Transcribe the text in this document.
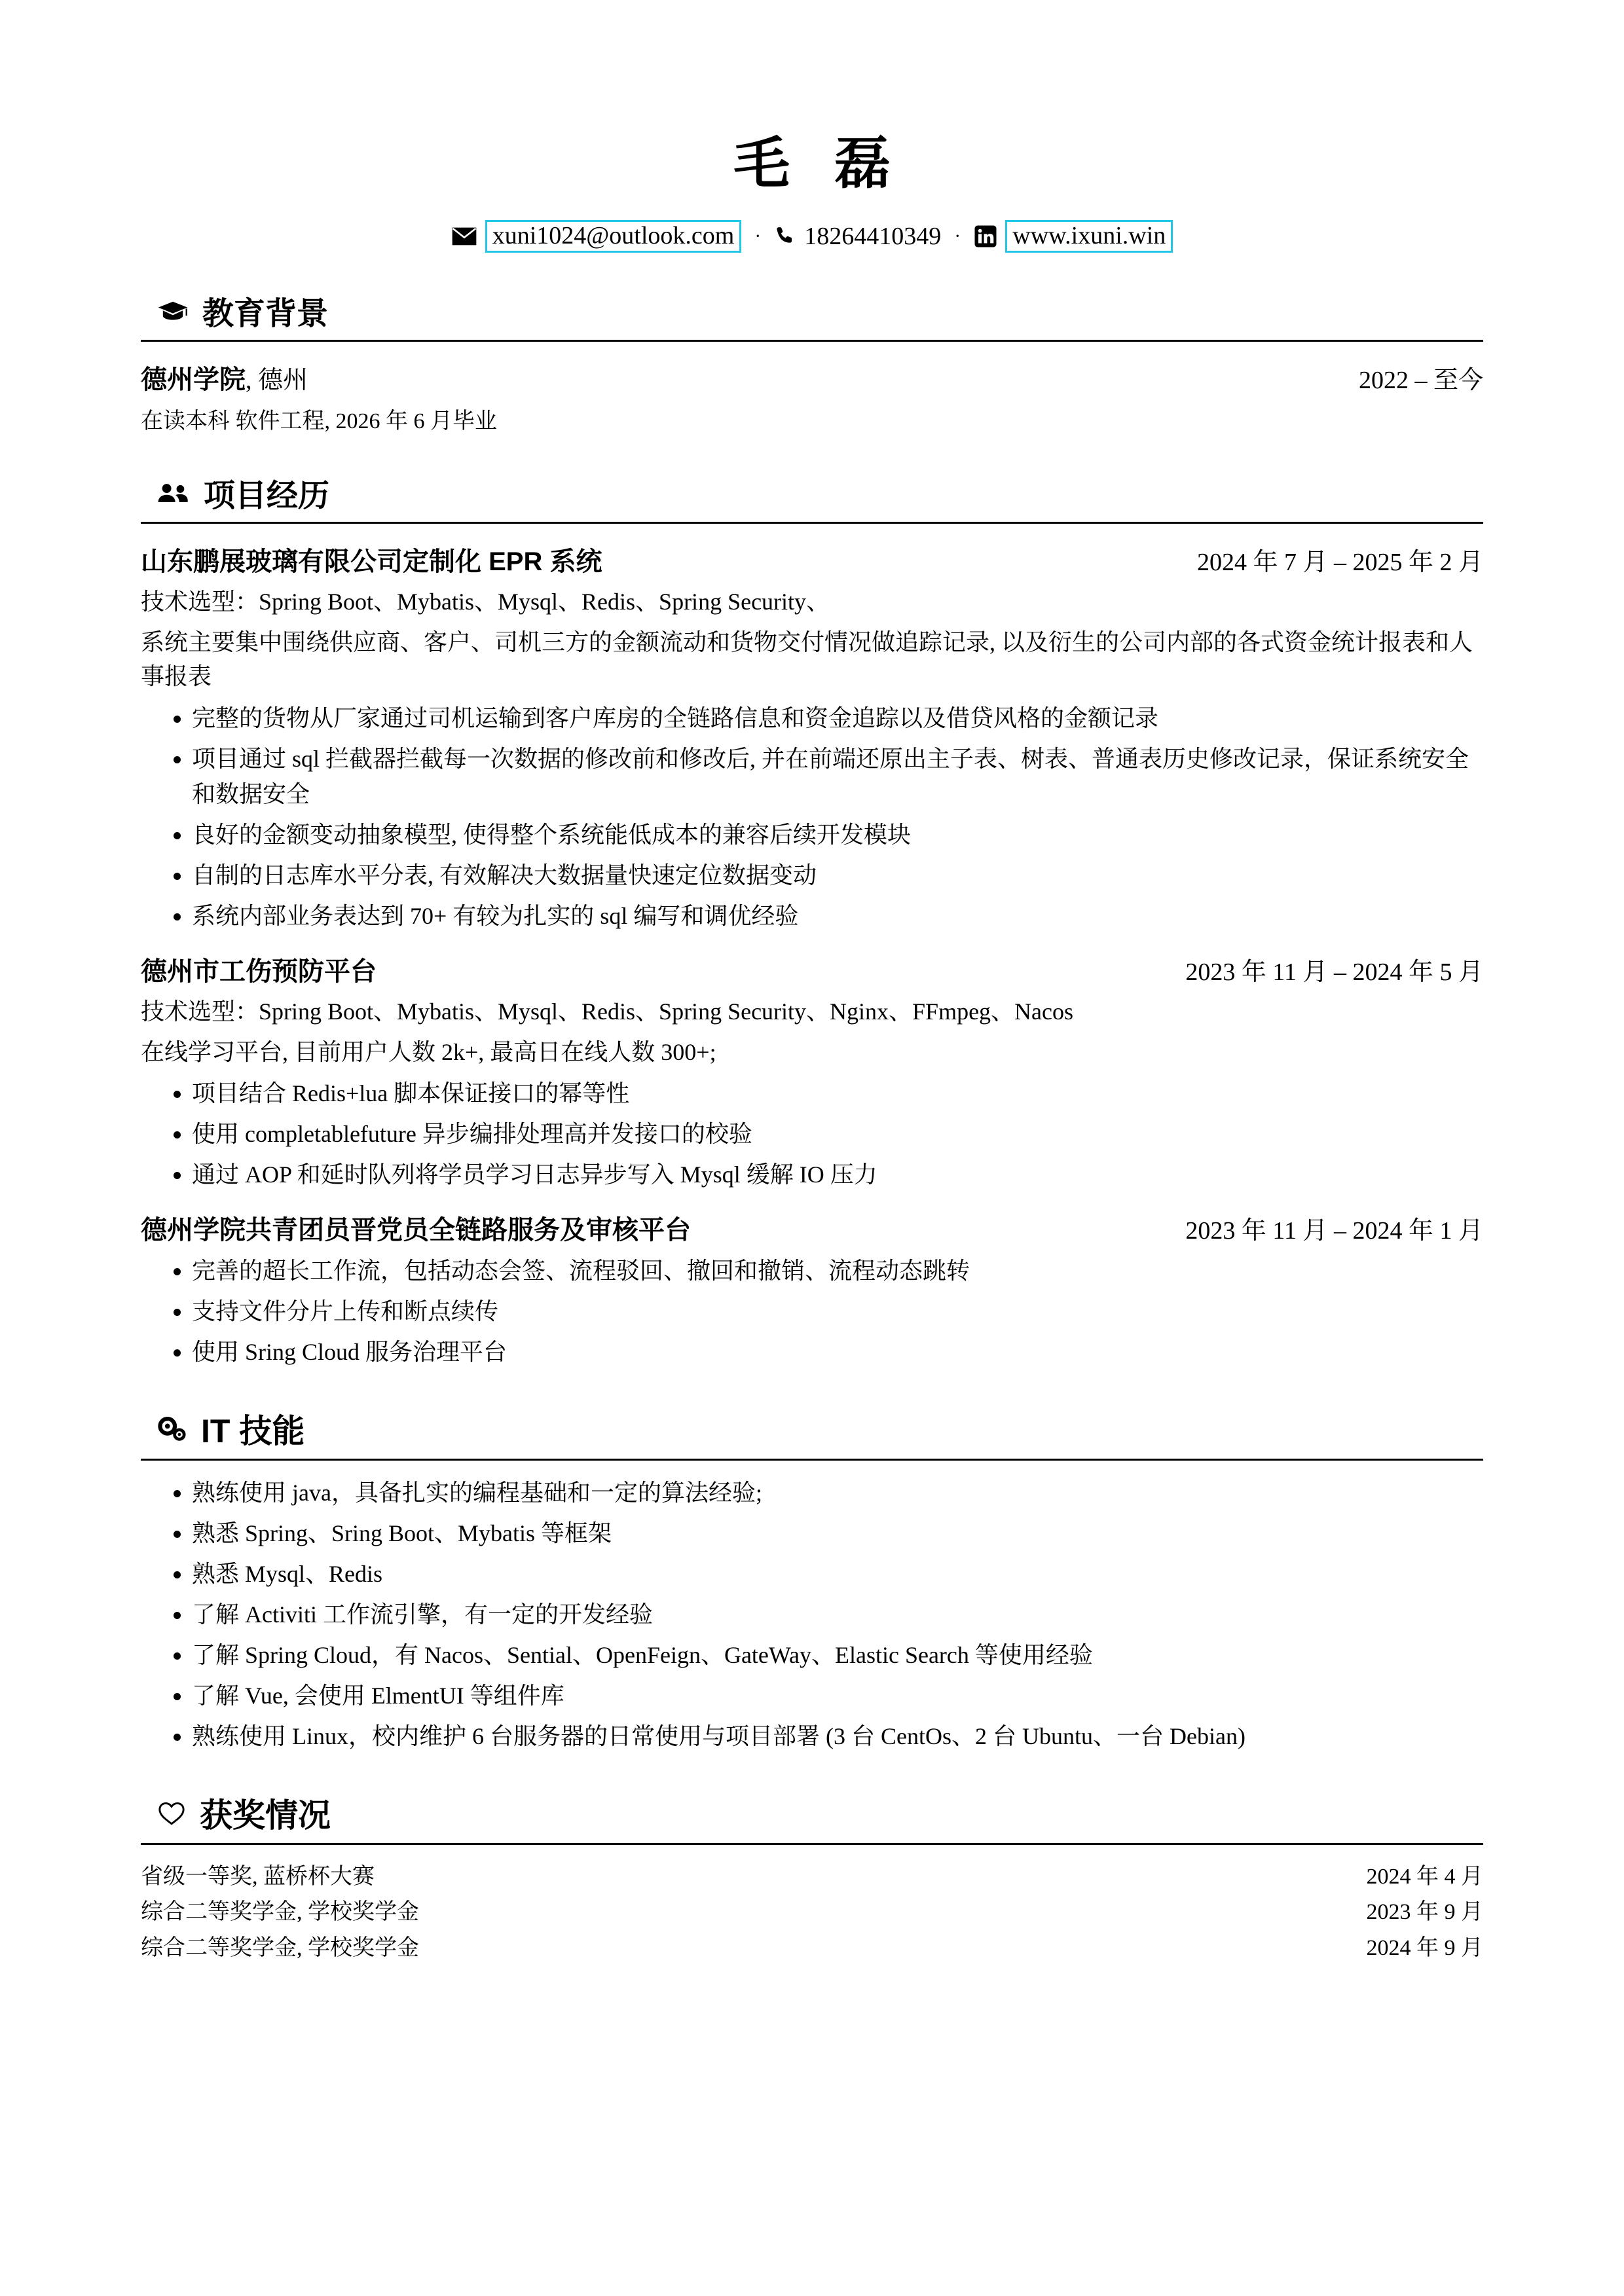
毛 磊
xuni1024@outlook.com	·	18264410349 ·	www.ixuni.win
教育背景
德州学院, 德州	2022 – 至今
在读本科 软件工程, 2026 年 6 月毕业
项目经历
山东鹏展玻璃有限公司定制化 EPR 系统	2024 年 7 月 – 2025 年 2 月
技术选型：Spring Boot、Mybatis、Mysql、Redis、Spring Security、
系统主要集中围绕供应商、客户、司机三方的金额流动和货物交付情况做追踪记录, 以及衍生的公司内部的各式资金统计报表和人事报表
• 完整的货物从厂家通过司机运输到客户库房的全链路信息和资金追踪以及借贷风格的金额记录
• 项目通过 sql 拦截器拦截每一次数据的修改前和修改后, 并在前端还原出主子表、树表、普通表历史修改记录，保证系统安全和数据安全
• 良好的金额变动抽象模型, 使得整个系统能低成本的兼容后续开发模块
• 自制的日志库水平分表, 有效解决大数据量快速定位数据变动
• 系统内部业务表达到 70+ 有较为扎实的 sql 编写和调优经验
德州市工伤预防平台	2023 年 11 月 – 2024 年 5 月
技术选型：Spring Boot、Mybatis、Mysql、Redis、Spring Security、Nginx、FFmpeg、Nacos
在线学习平台, 目前用户人数 2k+, 最高日在线人数 300+;
• 项目结合 Redis+lua 脚本保证接口的幂等性
• 使用 completablefuture 异步编排处理高并发接口的校验
• 通过 AOP 和延时队列将学员学习日志异步写入 Mysql 缓解 IO 压力
德州学院共青团员晋党员全链路服务及审核平台	2023 年 11 月 – 2024 年 1 月
• 完善的超长工作流，包括动态会签、流程驳回、撤回和撤销、流程动态跳转
• 支持文件分片上传和断点续传
• 使用 Sring Cloud 服务治理平台
IT 技能
• 熟练使用 java，具备扎实的编程基础和一定的算法经验;
• 熟悉 Spring、Sring Boot、Mybatis 等框架
• 熟悉 Mysql、Redis
• 了解 Activiti 工作流引擎，有一定的开发经验
• 了解 Spring Cloud，有 Nacos、Sential、OpenFeign、GateWay、Elastic Search 等使用经验
• 了解 Vue, 会使用 ElmentUI 等组件库
• 熟练使用 Linux，校内维护 6 台服务器的日常使用与项目部署 (3 台 CentOs、2 台 Ubuntu、一台 Debian)
获奖情况
省级一等奖, 蓝桥杯大赛	2024 年 4 月
综合二等奖学金, 学校奖学金	2023 年 9 月
综合二等奖学金, 学校奖学金	2024 年 9 月
